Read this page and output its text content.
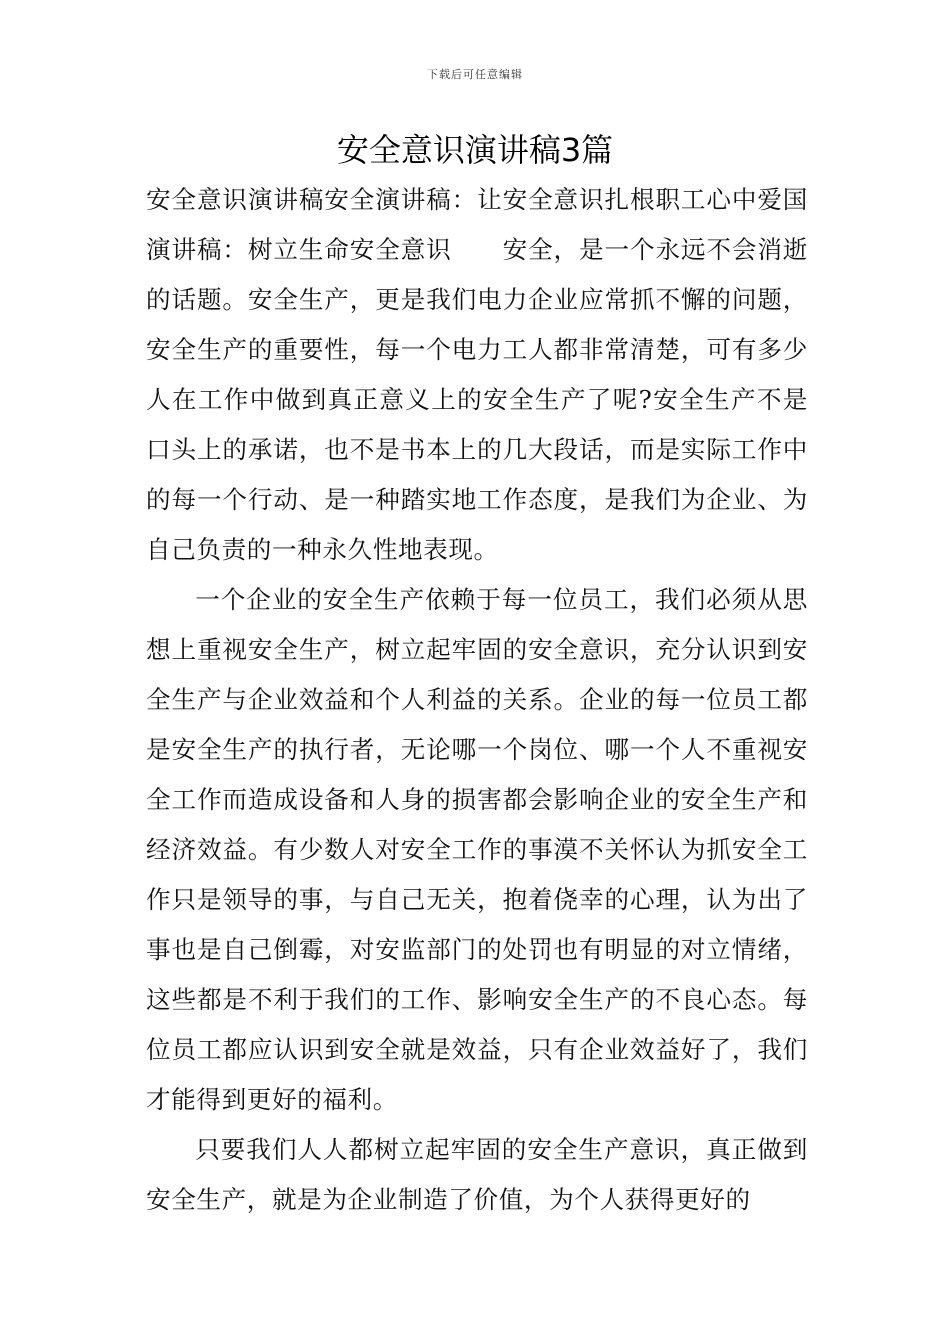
下载后可任意编辑
安全意识演讲稿3篇

安全意识演讲稿安全演讲稿：让安全意识扎根职工心中爱国演讲稿：树立生命安全意识　　安全，是一个永远不会消逝的话题。安全生产，更是我们电力企业应常抓不懈的问题，安全生产的重要性，每一个电力工人都非常清楚，可有多少人在工作中做到真正意义上的安全生产了呢?安全生产不是口头上的承诺，也不是书本上的几大段话，而是实际工作中的每一个行动、是一种踏实地工作态度，是我们为企业、为自己负责的一种永久性地表现。

一个企业的安全生产依赖于每一位员工，我们必须从思想上重视安全生产，树立起牢固的安全意识，充分认识到安全生产与企业效益和个人利益的关系。企业的每一位员工都是安全生产的执行者，无论哪一个岗位、哪一个人不重视安全工作而造成设备和人身的损害都会影响企业的安全生产和经济效益。有少数人对安全工作的事漠不关怀认为抓安全工作只是领导的事，与自己无关，抱着侥幸的心理，认为出了事也是自己倒霉，对安监部门的处罚也有明显的对立情绪，这些都是不利于我们的工作、影响安全生产的不良心态。每位员工都应认识到安全就是效益，只有企业效益好了，我们才能得到更好的福利。

只要我们人人都树立起牢固的安全生产意识，真正做到安全生产，就是为企业制造了价值，为个人获得更好的
